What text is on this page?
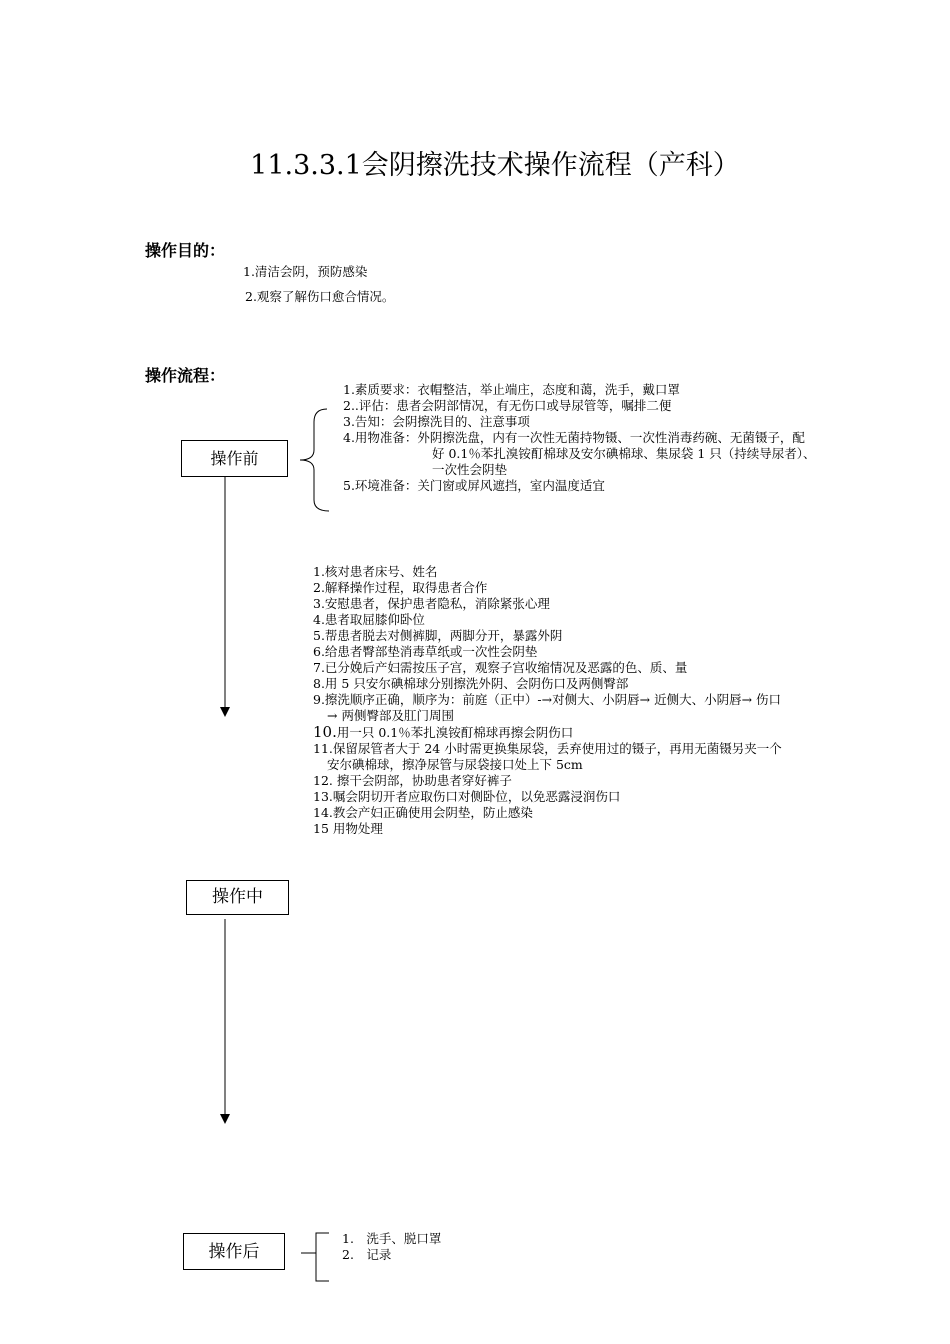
11.3.3.1会阴擦洗技术操作流程（产科）
操作目的：
1.清洁会阴，预防感染
2.观察了解伤口愈合情况。
操作流程：
操作前
1.素质要求：衣帽整洁，举止端庄，态度和蔼，洗手，戴口罩
2..评估：患者会阴部情况，有无伤口或导尿管等，嘱排二便
3.告知：会阴擦洗目的、注意事项
4.用物准备：外阴擦洗盘，内有一次性无菌持物镊、一次性消毒药碗、无菌镊子，配
好 0.1％苯扎溴铵酊棉球及安尔碘棉球、集尿袋 1 只（持续导尿者）、
一次性会阴垫
5.环境准备：关门窗或屏风遮挡，室内温度适宜
1.核对患者床号、姓名
2.解释操作过程，取得患者合作
3.安慰患者，保护患者隐私，消除紧张心理
4.患者取屈膝仰卧位
5.帮患者脱去对侧裤脚，两脚分开，暴露外阴
6.给患者臀部垫消毒草纸或一次性会阴垫
7.已分娩后产妇需按压子宫，观察子宫收缩情况及恶露的色、质、量
8.用 5 只安尔碘棉球分别擦洗外阴、会阴伤口及两侧臀部
9.擦洗顺序正确，顺序为：前庭（正中）-→对侧大、小阴唇→ 近侧大、小阴唇→ 伤口
→ 两侧臀部及肛门周围
10.用一只 0.1％苯扎溴铵酊棉球再擦会阴伤口
11.保留尿管者大于 24 小时需更换集尿袋，丢弃使用过的镊子，再用无菌镊另夹一个
安尔碘棉球，擦净尿管与尿袋接口处上下 5cm
12. 擦干会阴部，协助患者穿好裤子
13.嘱会阴切开者应取伤口对侧卧位，以免恶露浸润伤口
14.教会产妇正确使用会阴垫，防止感染
15 用物处理
操作中
操作后
1.　洗手、脱口罩
2.　记录
